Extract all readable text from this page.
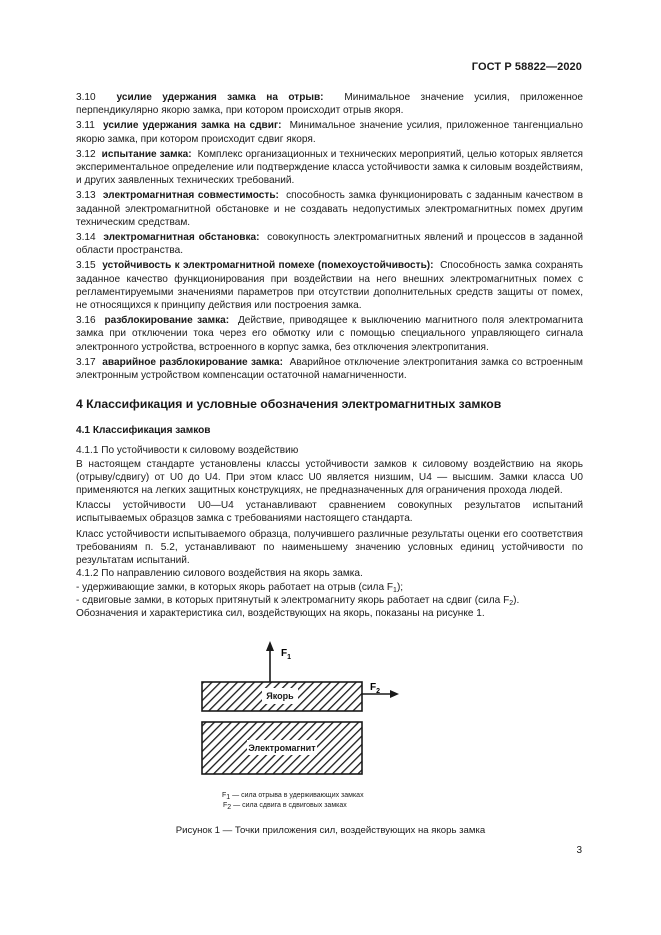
ГОСТ Р 58822—2020

3.10 усилие удержания замка на отрыв: Минимальное значение усилия, приложенное перпендикулярно якорю замка, при котором происходит отрыв якоря.

3.11 усилие удержания замка на сдвиг: Минимальное значение усилия, приложенное тангенциально якорю замка, при котором происходит сдвиг якоря.

3.12 испытание замка: Комплекс организационных и технических мероприятий, целью которых является экспериментальное определение или подтверждение класса устойчивости замка к силовым воздействиям, и других заявленных технических требований.

3.13 электромагнитная совместимость: способность замка функционировать с заданным качеством в заданной электромагнитной обстановке и не создавать недопустимых электромагнитных помех другим техническим средствам.

3.14 электромагнитная обстановка: совокупность электромагнитных явлений и процессов в заданной области пространства.

3.15 устойчивость к электромагнитной помехе (помехоустойчивость): Способность замка сохранять заданное качество функционирования при воздействии на него внешних электромагнитных помех с регламентируемыми значениями параметров при отсутствии дополнительных средств защиты от помех, не относящихся к принципу действия или построения замка.

3.16 разблокирование замка: Действие, приводящее к выключению магнитного поля электромагнита замка при отключении тока через его обмотку или с помощью специального управляющего сигнала электронного устройства, встроенного в корпус замка, без отключения электропитания.

3.17 аварийное разблокирование замка: Аварийное отключение электропитания замка со встроенным электронным устройством компенсации остаточной намагниченности.

4 Классификация и условные обозначения электромагнитных замков
4.1 Классификация замков

4.1.1 По устойчивости к силовому воздействию

В настоящем стандарте установлены классы устойчивости замков к силовому воздействию на якорь (отрыву/сдвигу) от U0 до U4. При этом класс U0 является низшим, U4 — высшим. Замки класса U0 применяются на легких защитных конструкциях, не предназначенных для ограничения прохода людей.

Классы устойчивости U0—U4 устанавливают сравнением совокупных результатов испытаний испытываемых образцов замка с требованиями настоящего стандарта.

Класс устойчивости испытываемого образца, получившего различные результаты оценки его соответствия требованиям п. 5.2, устанавливают по наименьшему значению условных единиц устойчивости по результатам испытаний.

4.1.2 По направлению силового воздействия на якорь замка.

- удерживающие замки, в которых якорь работает на отрыв (сила $F_1$);

- сдвиговые замки, в которых притянутый к электромагниту якорь работает на сдвиг (сила $F_2$).

Обозначения и характеристика сил, воздействующих на якорь, показаны на рисунке 1.

$F_1$
Якорь
$F_2$
Электромагнит
$F_1$ — сила отрыва в удерживающих замках
$F_2$ — сила сдвига в сдвиговых замках
Рисунок 1 — Точки приложения сил, воздействующих на якорь замка
3
